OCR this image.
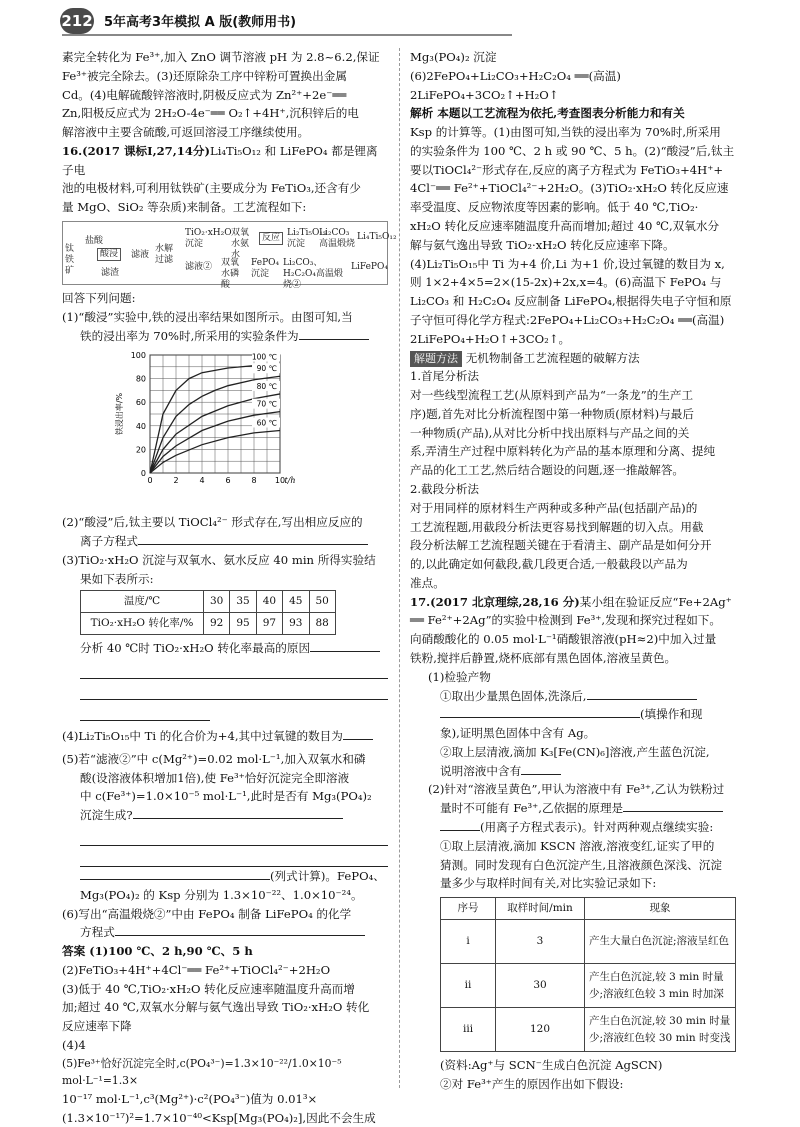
212 5年高考3年模拟 A 版(教师用书)

素完全转化为 Fe³⁺,加入 ZnO 调节溶液 pH 为 2.8~6.2,保证

Fe³⁺被完全除去。(3)还原除杂工序中锌粉可置换出金属

Cd。(4)电解硫酸锌溶液时,阴极反应式为 Zn²⁺+2e⁻══

Zn,阳极反应式为 2H₂O-4e⁻══ O₂↑+4H⁺,沉积锌后的电

解溶液中主要含硫酸,可返回溶浸工序继续使用。

16.(2017 课标Ⅰ,27,14分)Li₄Ti₅O₁₂ 和 LiFePO₄ 都是锂离子电

池的电极材料,可利用钛铁矿(主要成分为 FeTiO₃,还含有少

量 MgO、SiO₂ 等杂质)来制备。工艺流程如下:

钛铁矿
盐酸
酸浸	滤液
滤渣
水解过滤
TiO₂·xH₂O沉淀
双氧水氨水
反应 Li₂Ti₅O₁₅沉淀
Li₂CO₃高温煅烧
Li₄Ti₅O₁₂
滤液② 双氧水磷酸
FePO₄沉淀
Li₂CO₃、H₂C₂O₄高温煅烧②
LiFePO₄

回答下列问题:

(1)“酸浸”实验中,铁的浸出率结果如图所示。由图可知,当

铁的浸出率为 70%时,所采用的实验条件为

100 ℃
90 ℃
80 ℃
70 ℃
60 ℃
0
20
40
60
80
100
0	2	4	6	8 10 t/h
铁浸出率/%

(2)“酸浸”后,钛主要以 TiOCl₄²⁻ 形式存在,写出相应反应的

离子方程式

(3)TiO₂·xH₂O 沉淀与双氧水、氨水反应 40 min 所得实验结

果如下表所示:

温度/℃	30	35	40	45	50
TiO₂·xH₂O 转化率/%	92	95	97	93	88

分析 40 ℃时 TiO₂·xH₂O 转化率最高的原因

(4)Li₂Ti₅O₁₅中 Ti 的化合价为+4,其中过氧键的数目为

(5)若“滤液②”中 c(Mg²⁺)=0.02 mol·L⁻¹,加入双氧水和磷

酸(设溶液体积增加1倍),使 Fe³⁺恰好沉淀完全即溶液

中 c(Fe³⁺)=1.0×10⁻⁵ mol·L⁻¹,此时是否有 Mg₃(PO₄)₂

沉淀生成?

(列式计算)。FePO₄、

Mg₃(PO₄)₂ 的 Ksp 分别为 1.3×10⁻²²、1.0×10⁻²⁴。

(6)写出“高温煅烧②”中由 FePO₄ 制备 LiFePO₄ 的化学

方程式

答案 (1)100 ℃、2 h,90 ℃、5 h

(2)FeTiO₃+4H⁺+4Cl⁻══ Fe²⁺+TiOCl₄²⁻+2H₂O

(3)低于 40 ℃,TiO₂·xH₂O 转化反应速率随温度升高而增

加;超过 40 ℃,双氧水分解与氨气逸出导致 TiO₂·xH₂O 转化

反应速率下降

(4)4

(5)Fe³⁺恰好沉淀完全时,c(PO₄³⁻)=1.3×10⁻²²/1.0×10⁻⁵ mol·L⁻¹=1.3×

10⁻¹⁷ mol·L⁻¹,c³(Mg²⁺)·c²(PO₄³⁻)值为 0.01³×

(1.3×10⁻¹⁷)²=1.7×10⁻⁴⁰<Ksp[Mg₃(PO₄)₂],因此不会生成

Mg₃(PO₄)₂ 沉淀

(6)2FePO₄+Li₂CO₃+H₂C₂O₄ ══(高温) 2LiFePO₄+3CO₂↑+H₂O↑

解析 本题以工艺流程为依托,考查图表分析能力和有关

Ksp 的计算等。(1)由图可知,当铁的浸出率为 70%时,所采用

的实验条件为 100 ℃、2 h 或 90 ℃、5 h。(2)“酸浸”后,钛主

要以TiOCl₄²⁻形式存在,反应的离子方程式为 FeTiO₃+4H⁺+

4Cl⁻══ Fe²⁺+TiOCl₄²⁻+2H₂O。(3)TiO₂·xH₂O 转化反应速

率受温度、反应物浓度等因素的影响。低于 40 ℃,TiO₂·

xH₂O 转化反应速率随温度升高而增加;超过 40 ℃,双氧水分

解与氨气逸出导致 TiO₂·xH₂O 转化反应速率下降。

(4)Li₂Ti₅O₁₅中 Ti 为+4 价,Li 为+1 价,设过氧键的数目为 x,

则 1×2+4×5=2×(15-2x)+2x,x=4。(6)高温下 FePO₄ 与

Li₂CO₃ 和 H₂C₂O₄ 反应制备 LiFePO₄,根据得失电子守恒和原

子守恒可得化学方程式:2FePO₄+Li₂CO₃+H₂C₂O₄ ══(高温)

2LiFePO₄+H₂O↑+3CO₂↑。

解题方法 无机物制备工艺流程题的破解方法

1.首尾分析法

对一些线型流程工艺(从原料到产品为“一条龙”的生产工

序)题,首先对比分析流程图中第一种物质(原材料)与最后

一种物质(产品),从对比分析中找出原料与产品之间的关

系,弄清生产过程中原料转化为产品的基本原理和分离、提纯

产品的化工工艺,然后结合题设的问题,逐一推敲解答。

2.截段分析法

对于用同样的原材料生产两种或多种产品(包括副产品)的

工艺流程题,用截段分析法更容易找到解题的切入点。用截

段分析法解工艺流程题关键在于看清主、副产品是如何分开

的,以此确定如何截段,截几段更合适,一般截段以产品为

准点。

17.(2017 北京理综,28,16 分)某小组在验证反应“Fe+2Ag⁺

══ Fe²⁺+2Ag”的实验中检测到 Fe³⁺,发现和探究过程如下。

向硝酸酸化的 0.05 mol·L⁻¹硝酸银溶液(pH≈2)中加入过量

铁粉,搅拌后静置,烧杯底部有黑色固体,溶液呈黄色。

(1)检验产物

①取出少量黑色固体,洗涤后,

(填操作和现

象),证明黑色固体中含有 Ag。

②取上层清液,滴加 K₃[Fe(CN)₆]溶液,产生蓝色沉淀,

说明溶液中含有

(2)针对“溶液呈黄色”,甲认为溶液中有 Fe³⁺,乙认为铁粉过

量时不可能有 Fe³⁺,乙依据的原理是

(用离子方程式表示)。针对两种观点继续实验:

①取上层清液,滴加 KSCN 溶液,溶液变红,证实了甲的

猜测。同时发现有白色沉淀产生,且溶液颜色深浅、沉淀

量多少与取样时间有关,对比实验记录如下:

序号	取样时间/min	现象
ⅰ	3	产生大量白色沉淀;溶液呈红色
ⅱ	30	产生白色沉淀,较 3 min 时量少;溶液红色较 3 min 时加深
ⅲ	120	产生白色沉淀,较 30 min 时量少;溶液红色较 30 min 时变浅

(资料:Ag⁺与 SCN⁻生成白色沉淀 AgSCN)

②对 Fe³⁺产生的原因作出如下假设:
